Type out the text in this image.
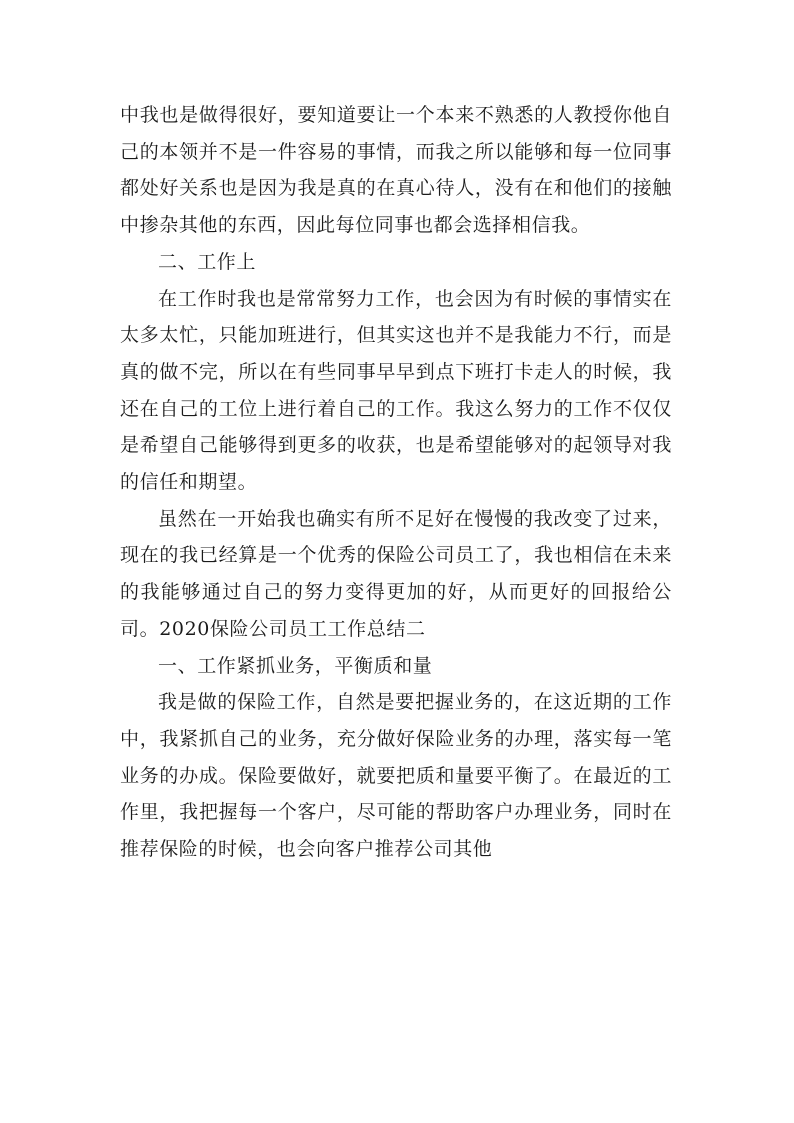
中我也是做得很好，要知道要让一个本来不熟悉的人教授你他自己的本领并不是一件容易的事情，而我之所以能够和每一位同事都处好关系也是因为我是真的在真心待人，没有在和他们的接触中掺杂其他的东西，因此每位同事也都会选择相信我。

二、工作上

在工作时我也是常常努力工作，也会因为有时候的事情实在太多太忙，只能加班进行，但其实这也并不是我能力不行，而是真的做不完，所以在有些同事早早到点下班打卡走人的时候，我还在自己的工位上进行着自己的工作。我这么努力的工作不仅仅是希望自己能够得到更多的收获，也是希望能够对的起领导对我的信任和期望。

虽然在一开始我也确实有所不足好在慢慢的我改变了过来，现在的我已经算是一个优秀的保险公司员工了，我也相信在未来的我能够通过自己的努力变得更加的好，从而更好的回报给公司。2020保险公司员工工作总结二

一、工作紧抓业务，平衡质和量

我是做的保险工作，自然是要把握业务的，在这近期的工作中，我紧抓自己的业务，充分做好保险业务的办理，落实每一笔业务的办成。保险要做好，就要把质和量要平衡了。在最近的工作里，我把握每一个客户，尽可能的帮助客户办理业务，同时在推荐保险的时候，也会向客户推荐公司其他
